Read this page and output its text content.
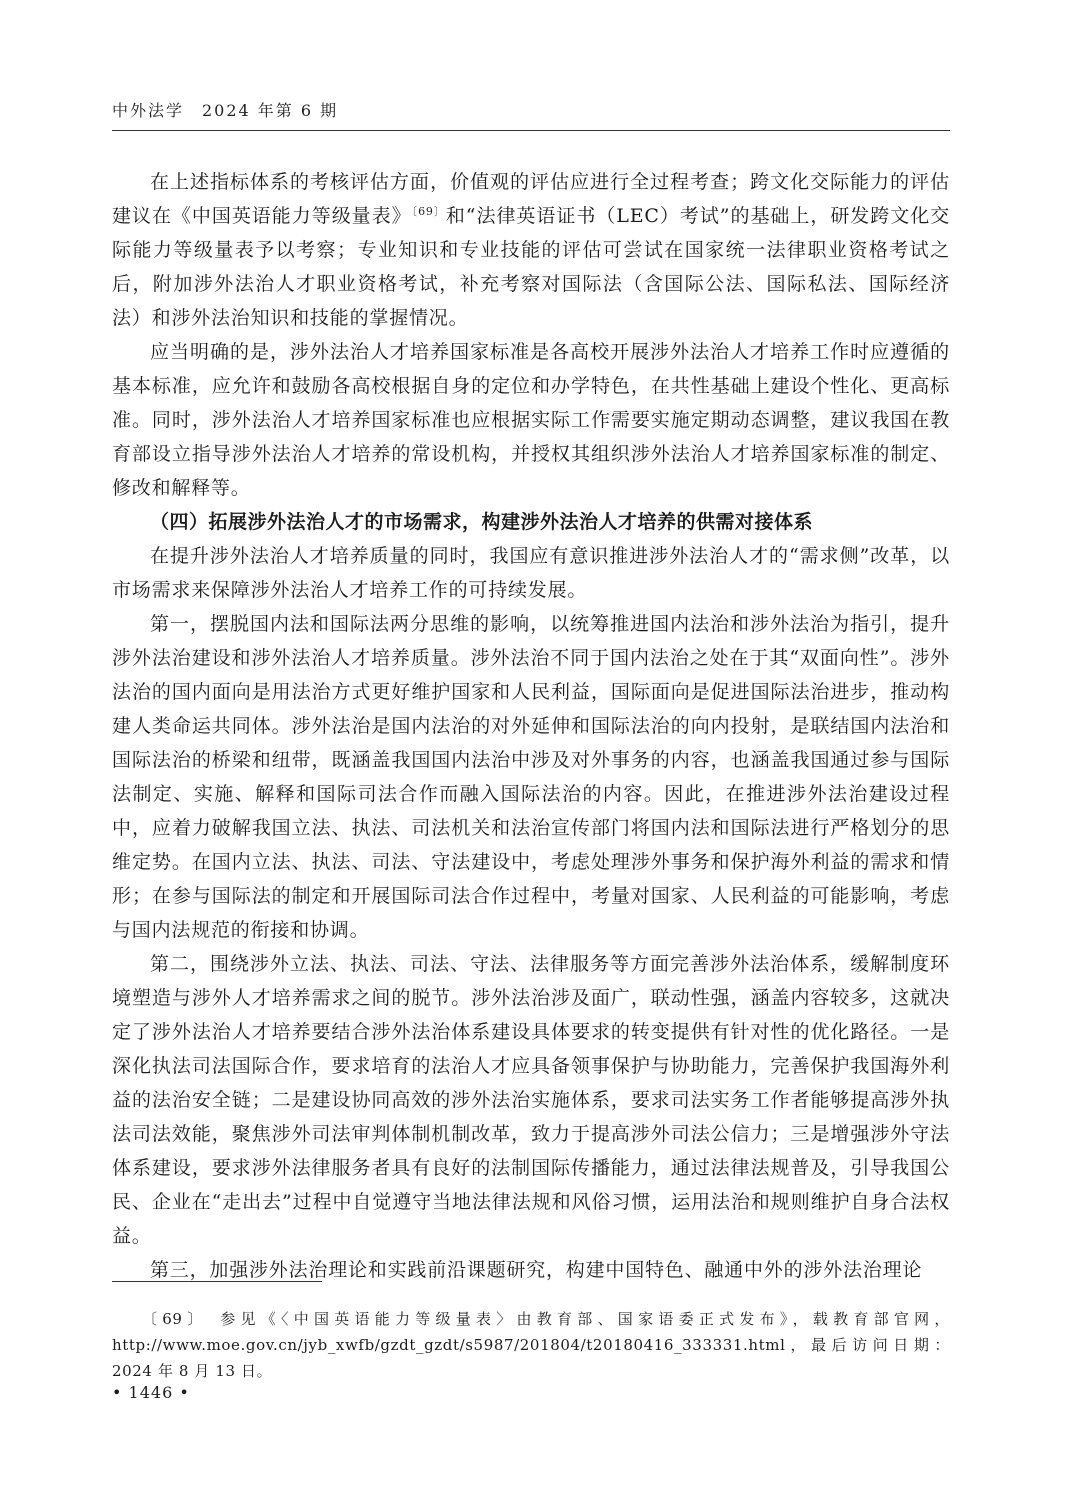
中外法学　2024 年第 6 期

在上述指标体系的考核评估方面，价值观的评估应进行全过程考查；跨文化交际能力的评估建议在《中国英语能力等级量表》$^{〔69〕}$和“法律英语证书（LEC）考试”的基础上，研发跨文化交际能力等级量表予以考察；专业知识和专业技能的评估可尝试在国家统一法律职业资格考试之后，附加涉外法治人才职业资格考试，补充考察对国际法（含国际公法、国际私法、国际经济法）和涉外法治知识和技能的掌握情况。

应当明确的是，涉外法治人才培养国家标准是各高校开展涉外法治人才培养工作时应遵循的基本标准，应允许和鼓励各高校根据自身的定位和办学特色，在共性基础上建设个性化、更高标准。同时，涉外法治人才培养国家标准也应根据实际工作需要实施定期动态调整，建议我国在教育部设立指导涉外法治人才培养的常设机构，并授权其组织涉外法治人才培养国家标准的制定、修改和解释等。

（四）拓展涉外法治人才的市场需求，构建涉外法治人才培养的供需对接体系

在提升涉外法治人才培养质量的同时，我国应有意识推进涉外法治人才的“需求侧”改革，以市场需求来保障涉外法治人才培养工作的可持续发展。

第一，摆脱国内法和国际法两分思维的影响，以统筹推进国内法治和涉外法治为指引，提升涉外法治建设和涉外法治人才培养质量。涉外法治不同于国内法治之处在于其“双面向性”。涉外法治的国内面向是用法治方式更好维护国家和人民利益，国际面向是促进国际法治进步，推动构建人类命运共同体。涉外法治是国内法治的对外延伸和国际法治的向内投射，是联结国内法治和国际法治的桥梁和纽带，既涵盖我国国内法治中涉及对外事务的内容，也涵盖我国通过参与国际法制定、实施、解释和国际司法合作而融入国际法治的内容。因此，在推进涉外法治建设过程中，应着力破解我国立法、执法、司法机关和法治宣传部门将国内法和国际法进行严格划分的思维定势。在国内立法、执法、司法、守法建设中，考虑处理涉外事务和保护海外利益的需求和情形；在参与国际法的制定和开展国际司法合作过程中，考量对国家、人民利益的可能影响，考虑与国内法规范的衔接和协调。

第二，围绕涉外立法、执法、司法、守法、法律服务等方面完善涉外法治体系，缓解制度环境塑造与涉外人才培养需求之间的脱节。涉外法治涉及面广，联动性强，涵盖内容较多，这就决定了涉外法治人才培养要结合涉外法治体系建设具体要求的转变提供有针对性的优化路径。一是深化执法司法国际合作，要求培育的法治人才应具备领事保护与协助能力，完善保护我国海外利益的法治安全链；二是建设协同高效的涉外法治实施体系，要求司法实务工作者能够提高涉外执法司法效能，聚焦涉外司法审判体制机制改革，致力于提高涉外司法公信力；三是增强涉外守法体系建设，要求涉外法律服务者具有良好的法制国际传播能力，通过法律法规普及，引导我国公民、企业在“走出去”过程中自觉遵守当地法律法规和风俗习惯，运用法治和规则维护自身合法权益。

第三，加强涉外法治理论和实践前沿课题研究，构建中国特色、融通中外的涉外法治理论

〔69〕　参见《〈中国英语能力等级量表〉由教育部、国家语委正式发布》，载教育部官网，http://www.moe.gov.cn/jyb_xwfb/gzdt_gzdt/s5987/201804/t20180416_333331.html，最后访问日期：2024 年 8 月 13 日。

• 1446 •
